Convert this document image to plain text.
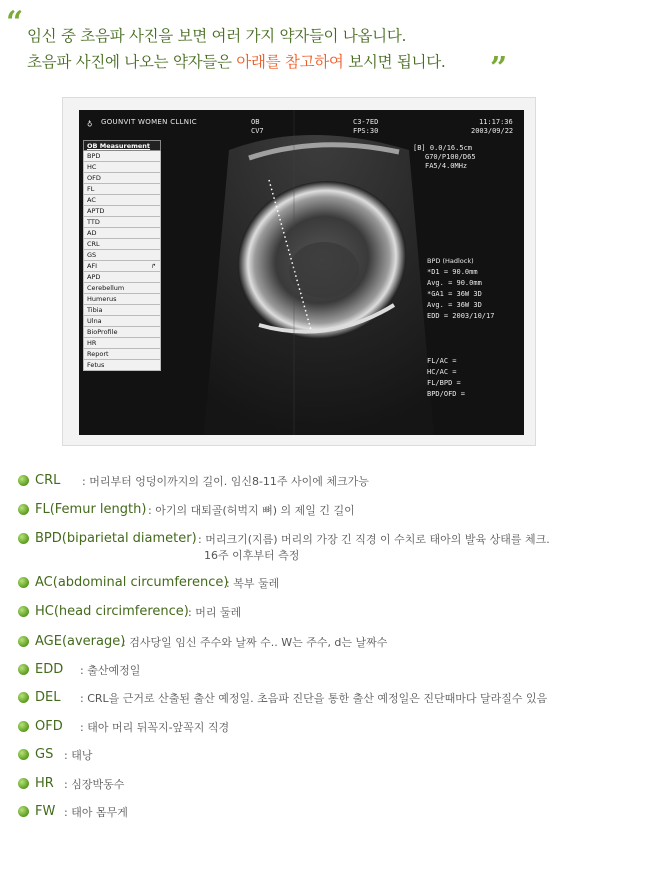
“ 임신 중 초음파 사진을 보면 여러 가지 약자들이 나옵니다.
초음파 사진에 나오는 약자들은 아래를 참고하여 보시면 됩니다. ”
♁	GOUNVIT WOMEN CLLNIC	OB
CV7
C3-7ED
FPS:30
11:17:36
2003/09/22
[B] 0.0/16.5cm
G70/P100/D65
FA5/4.0MHz
OB Measurement
BPD
HC
OFD
FL
AC
APTD
TTD
AD
CRL
GS
AFI	↱
APD
Cerebellum
Humerus
Tibia
Ulna
BioProfile
HR
Report
Fetus
BPD (Hadlock)
*D1 = 90.0mm
Avg. = 90.0mm
*GA1 = 36W 3D
Avg. = 36W 3D
EDD = 2003/10/17
FL/AC =
HC/AC =
FL/BPD =
BPD/OFD =
CRL : 머리부터 엉덩이까지의 길이. 임신8-11주 사이에 체크가능
FL(Femur length) : 아기의 대퇴골(허벅지 뼈) 의 제일 긴 길이
BPD(biparietal diameter) : 머리크기(지름) 머리의 가장 긴 직경 이 수치로 태아의 발육 상태를 체크.
16주 이후부터 측정
AC(abdominal circumference)
: 복부 둘레
HC(head circimference) : 머리 둘레
AGE(average)
: 검사당일 임신 주수와 날짜 수.. W는 주수, d는 날짜수
EDD : 출산예정일
DEL : CRL을 근거로 산출된 출산 예정일. 초음파 진단을 통한 출산 예정일은 진단때마다 달라질수 있음
OFD : 태아 머리 뒤꼭지-앞꼭지 직경
GS : 태낭
HR : 심장박동수
FW : 태아 몸무게
